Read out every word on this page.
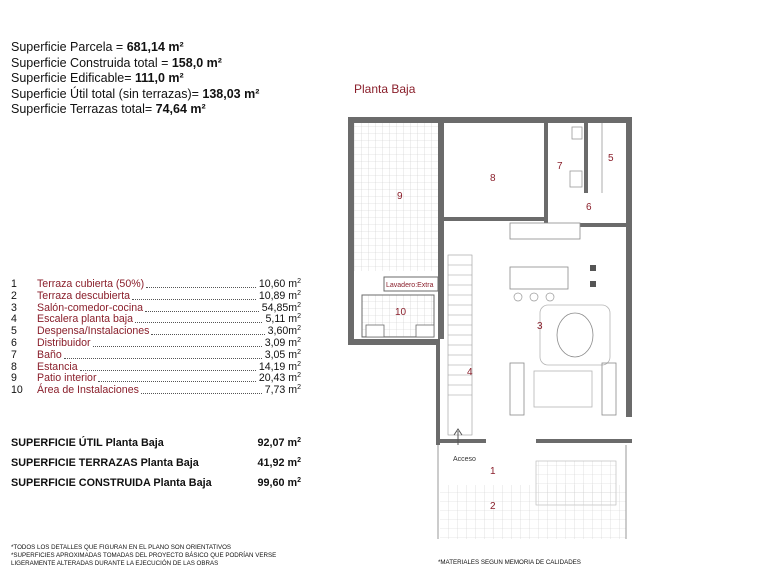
Superficie Parcela = 681,14 m²
Superficie Construida total = 158,0 m²
Superficie Edificable= 111,0 m²
Superficie Útil total (sin terrazas)= 138,03 m²
Superficie Terrazas total= 74,64 m²
Planta Baja
1 Terraza cubierta (50%)	10,60 $m^2$
2 Terraza descubierta	10,89 $m^2$
3 Salón-comedor-cocina	$54,85m^2$
4 Escalera planta baja	5,11 $m^2$
5 Despensa/Instalaciones	$3,60m^2$
6 Distribuidor	3,09 $m^2$
7 Baño	3,05 $m^2$
8 Estancia	14,19 $m^2$
9 Patio interior	20,43 $m^2$
10 Área de Instalaciones	7,73 $m^2$
SUPERFICIE ÚTIL Planta Baja	92,07 $m^2$
SUPERFICIE TERRAZAS Planta Baja	41,92 $m^2$
SUPERFICIE CONSTRUIDA Planta Baja	99,60 $m^2$
*TODOS LOS DETALLES QUE FIGURAN EN EL PLANO SON ORIENTATIVOS
*SUPERFICIES APROXIMADAS TOMADAS DEL PROYECTO BÁSICO QUE PODRÍAN VERSE
LIGERAMENTE ALTERADAS DURANTE LA EJECUCIÓN DE LAS OBRAS	*MATERIALES SEGUN MEMORIA DE CALIDADES
9
8
7
5
6
3
4
10
1
2
Lavadero:Extra
Acceso
